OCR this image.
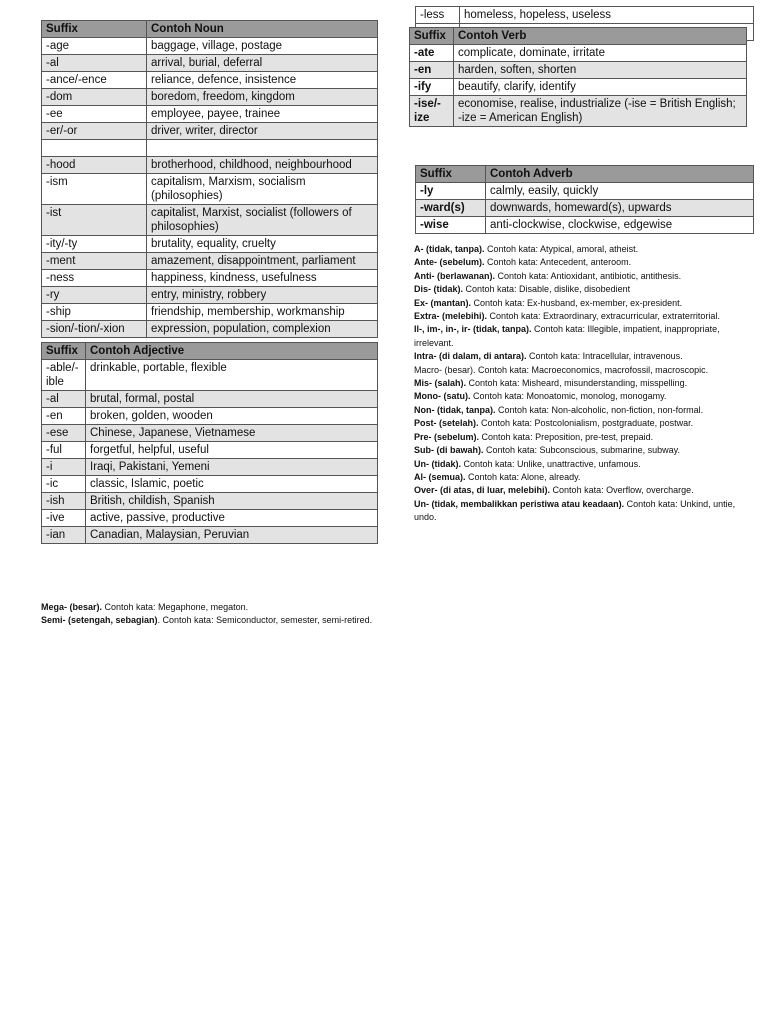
Suffix	Contoh Noun
-age	baggage, village, postage
-al	arrival, burial, deferral
-ance/-ence	reliance, defence, insistence
-dom	boredom, freedom, kingdom
-ee	employee, payee, trainee
-er/-or	driver, writer, director

-hood	brotherhood, childhood, neighbourhood
-ism	capitalism, Marxism, socialism (philosophies)
-ist	capitalist, Marxist, socialist (followers of philosophies)
-ity/-ty	brutality, equality, cruelty
-ment	amazement, disappointment, parliament
-ness	happiness, kindness, usefulness
-ry	entry, ministry, robbery
-ship	friendship, membership, workmanship
-sion/-tion/-xion	expression, population, complexion
Suffix	Contoh Adjective
-able/-ible	drinkable, portable, flexible
-al	brutal, formal, postal
-en	broken, golden, wooden
-ese	Chinese, Japanese, Vietnamese
-ful	forgetful, helpful, useful
-i	Iraqi, Pakistani, Yemeni
-ic	classic, Islamic, poetic
-ish	British, childish, Spanish
-ive	active, passive, productive
-ian	Canadian, Malaysian, Peruvian
-less	homeless, hopeless, useless

Suffix	Contoh Verb
-ate	complicate, dominate, irritate
-en	harden, soften, shorten
-ify	beautify, clarify, identify
-ise/-ize	economise, realise, industrialize (-ise = British English; -ize = American English)
Suffix	Contoh Adverb
-ly	calmly, easily, quickly
-ward(s)	downwards, homeward(s), upwards
-wise	anti-clockwise, clockwise, edgewise

A- (tidak, tanpa). Contoh kata: Atypical, amoral, atheist.

Ante- (sebelum). Contoh kata: Antecedent, anteroom.

Anti- (berlawanan). Contoh kata: Antioxidant, antibiotic, antithesis.

Dis- (tidak). Contoh kata: Disable, dislike, disobedient

Ex- (mantan). Contoh kata: Ex-husband, ex-member, ex-president.

Extra- (melebihi). Contoh kata: Extraordinary, extracurricular, extraterritorial.

Il-, im-, in-, ir- (tidak, tanpa). Contoh kata: Illegible, impatient, inappropriate, irrelevant.

Intra- (di dalam, di antara). Contoh kata: Intracellular, intravenous.

Macro- (besar). Contoh kata: Macroeconomics, macrofossil, macroscopic.

Mis- (salah). Contoh kata: Misheard, misunderstanding, misspelling.

Mono- (satu). Contoh kata: Monoatomic, monolog, monogamy.

Non- (tidak, tanpa). Contoh kata: Non-alcoholic, non-fiction, non-formal.

Post- (setelah). Contoh kata: Postcolonialism, postgraduate, postwar.

Pre- (sebelum). Contoh kata: Preposition, pre-test, prepaid.

Sub- (di bawah). Contoh kata: Subconscious, submarine, subway.

Un- (tidak). Contoh kata: Unlike, unattractive, unfamous.

Al- (semua). Contoh kata: Alone, already.

Over- (di atas, di luar, melebihi). Contoh kata: Overflow, overcharge.

Un- (tidak, membalikkan peristiwa atau keadaan). Contoh kata: Unkind, untie, undo.

Mega- (besar). Contoh kata: Megaphone, megaton.

Semi- (setengah, sebagian). Contoh kata: Semiconductor, semester, semi-retired.
